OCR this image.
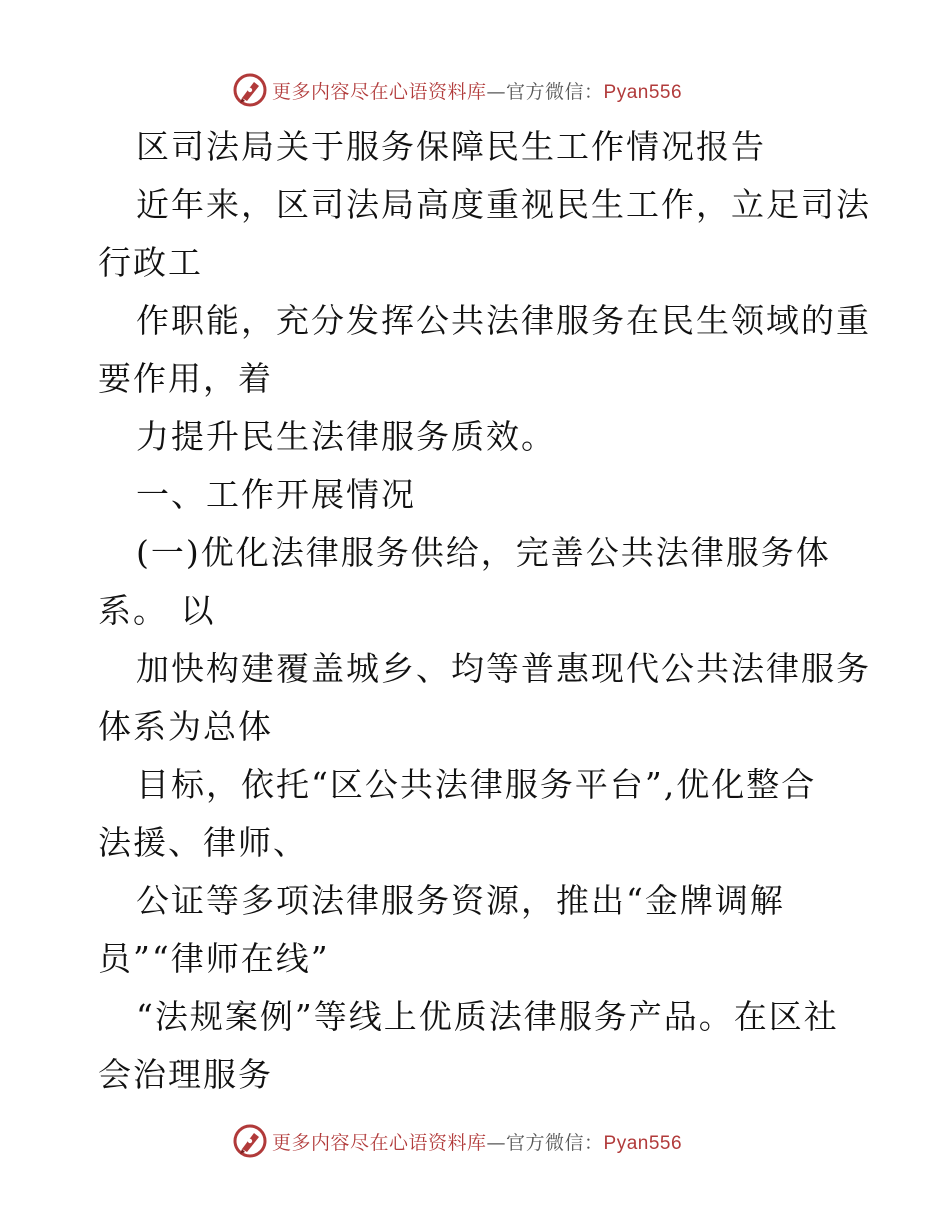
更多内容尽在心语资料库—官方微信：Pyan556
区司法局关于服务保障民生工作情况报告
近年来，区司法局高度重视民生工作，立足司法
行政工
作职能，充分发挥公共法律服务在民生领域的重
要作用，着
力提升民生法律服务质效。
一、工作开展情况
(一)优化法律服务供给，完善公共法律服务体
系。 以
加快构建覆盖城乡、均等普惠现代公共法律服务
体系为总体
目标，依托“区公共法律服务平台”,优化整合
法援、律师、
公证等多项法律服务资源，推出“金牌调解
员”“律师在线”
“法规案例”等线上优质法律服务产品。在区社
会治理服务
更多内容尽在心语资料库—官方微信：Pyan556
